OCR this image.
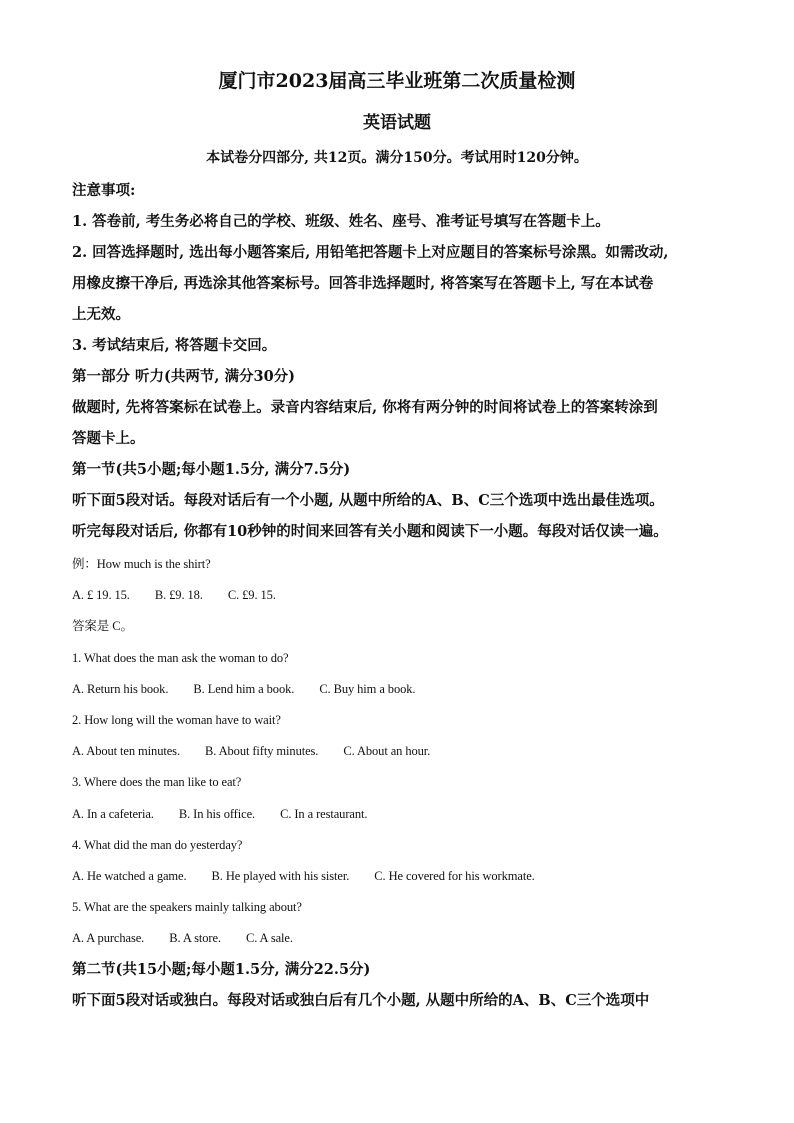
厦门市2023届高三毕业班第二次质量检测
英语试题
本试卷分四部分, 共12页。满分150分。考试用时120分钟。
注意事项:
1. 答卷前, 考生务必将自己的学校、班级、姓名、座号、准考证号填写在答题卡上。
2. 回答选择题时, 选出每小题答案后, 用铅笔把答题卡上对应题目的答案标号涂黑。如需改动,
用橡皮擦干净后, 再选涂其他答案标号。回答非选择题时, 将答案写在答题卡上, 写在本试卷
上无效。
3. 考试结束后, 将答题卡交回。
第一部分 听力(共两节, 满分30分)
做题时, 先将答案标在试卷上。录音内容结束后, 你将有两分钟的时间将试卷上的答案转涂到
答题卡上。
第一节(共5小题;每小题1.5分, 满分7.5分)
听下面5段对话。每段对话后有一个小题, 从题中所给的A、B、C三个选项中选出最佳选项。
听完每段对话后, 你都有10秒钟的时间来回答有关小题和阅读下一小题。每段对话仅读一遍。
例：How much is the shirt?
A. £ 19. 15. B. £9. 18. C. £9. 15.
答案是 C。
1. What does the man ask the woman to do?
A. Return his book. B. Lend him a book. C. Buy him a book.
2. How long will the woman have to wait?
A. About ten minutes. B. About fifty minutes. C. About an hour.
3. Where does the man like to eat?
A. In a cafeteria. B. In his office. C. In a restaurant.
4. What did the man do yesterday?
A. He watched a game. B. He played with his sister. C. He covered for his workmate.
5. What are the speakers mainly talking about?
A. A purchase. B. A store. C. A sale.
第二节(共15小题;每小题1.5分, 满分22.5分)
听下面5段对话或独白。每段对话或独白后有几个小题, 从题中所给的A、B、C三个选项中
